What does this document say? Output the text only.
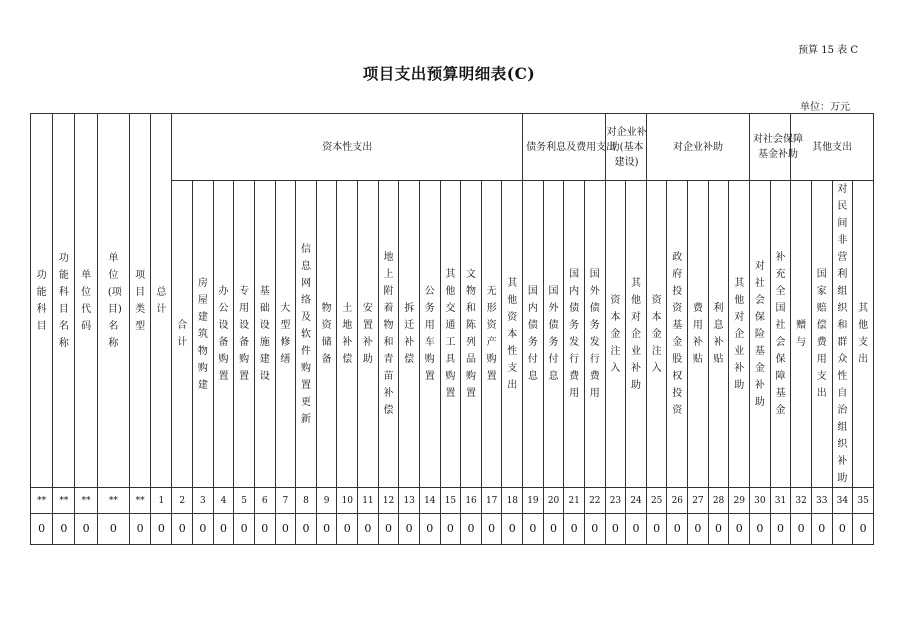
预算 15 表 C
项目支出预算明细表(C)
单位：万元
功能科目	功能科目名称	单位代码	单位(项目)名称	项目类型	总计	资本性支出																	债务利息及费用支出				对企业补助(基本建设)		对企业补助					对社会保障基金补助		其他支出			

						合计	房屋建筑物购建	办公设备购置	专用设备购置	基础设施建设	大型修缮	信息网络及软件购置更新	物资储备	土地补偿	安置补助	地上附着物和青苗补偿	拆迁补偿	公务用车购置	其他交通工具购置	文物和陈列品购置	无形资产购置	其他资本性支出	国内债务付息	国外债务付息	国内债务发行费用	国外债务发行费用	资本金注入	其他对企业补助	资本金注入	政府投资基金股权投资	费用补贴	利息补贴	其他对企业补助	对社会保险基金补助	补充全国社会保障基金	赠与	国家赔偿费用支出	对民间非营利组织和群众性自治组织补助	其他支出

**	**	**	**	**	1	2	3	4	5	6	7	8	9	10	11	12	13	14	15	16	17	18	19	20	21	22	23	24	25	26	27	28	29	30	31	32	33	34	35
0	0	0	0	0	0	0	0	0	0	0	0	0	0	0	0	0	0	0	0	0	0	0	0	0	0	0	0	0	0	0	0	0	0	0	0	0	0	0	0
